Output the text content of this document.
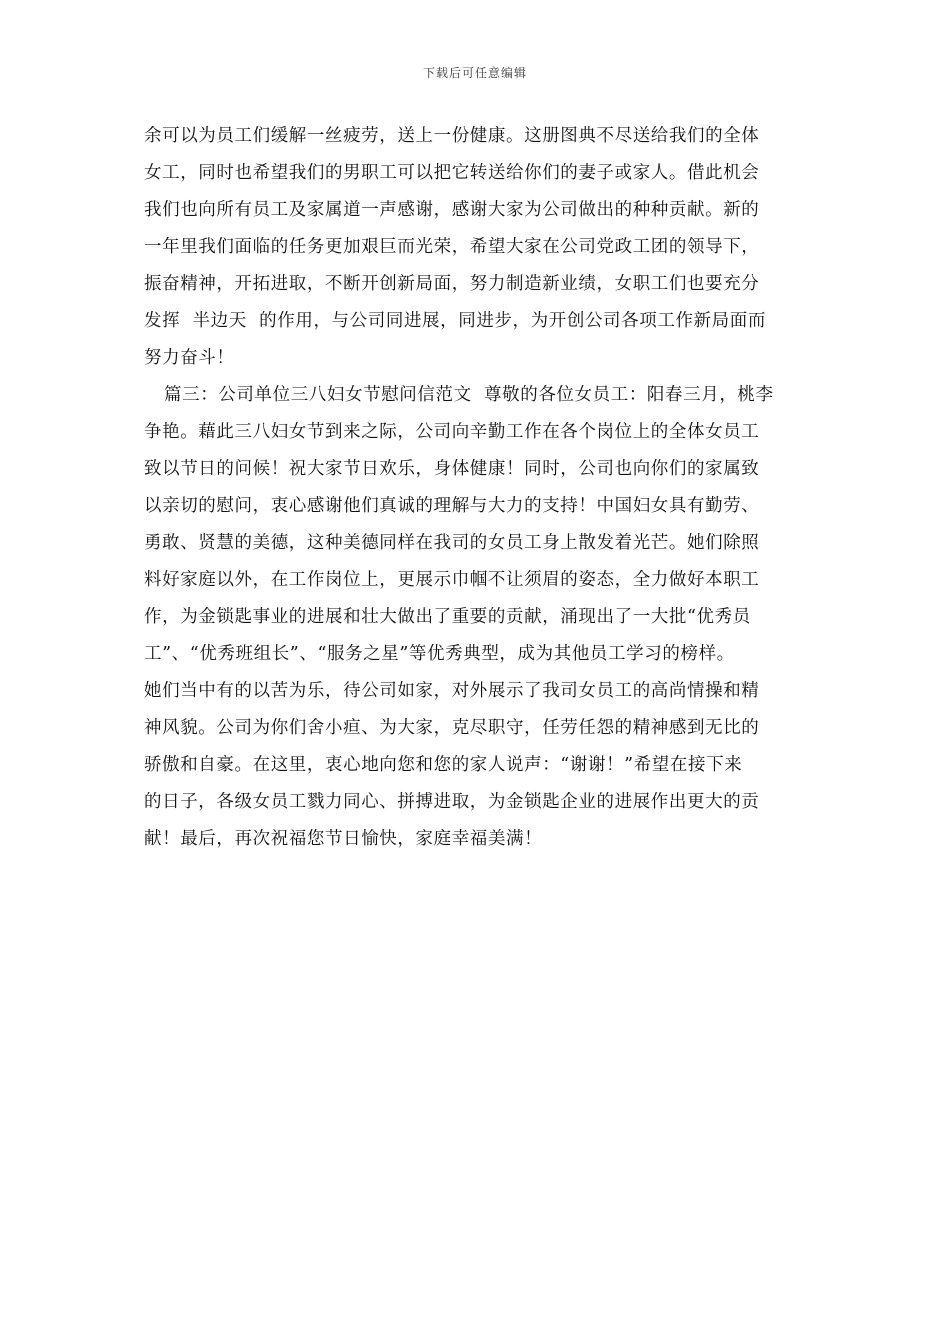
下载后可任意编辑
余可以为员工们缓解一丝疲劳，送上一份健康。这册图典不尽送给我们的全体
女工，同时也希望我们的男职工可以把它转送给你们的妻子或家人。借此机会
我们也向所有员工及家属道一声感谢，感谢大家为公司做出的种种贡献。新的
一年里我们面临的任务更加艰巨而光荣，希望大家在公司党政工团的领导下，
振奋精神，开拓进取，不断开创新局面，努力制造新业绩，女职工们也要充分
发挥  半边天  的作用，与公司同进展，同进步，为开创公司各项工作新局面而
努力奋斗！
篇三：公司单位三八妇女节慰问信范文  尊敬的各位女员工：阳春三月，桃李
争艳。藉此三八妇女节到来之际，公司向辛勤工作在各个岗位上的全体女员工
致以节日的问候！祝大家节日欢乐，身体健康！同时，公司也向你们的家属致
以亲切的慰问，衷心感谢他们真诚的理解与大力的支持！中国妇女具有勤劳、
勇敢、贤慧的美德，这种美德同样在我司的女员工身上散发着光芒。她们除照
料好家庭以外，在工作岗位上，更展示巾帼不让须眉的姿态，全力做好本职工
作，为金锁匙事业的进展和壮大做出了重要的贡献，涌现出了一大批“优秀员
工”、“优秀班组长”、“服务之星”等优秀典型，成为其他员工学习的榜样。
她们当中有的以苦为乐，待公司如家，对外展示了我司女员工的高尚情操和精
神风貌。公司为你们舍小疸、为大家，克尽职守，任劳任怨的精神感到无比的
骄傲和自豪。在这里，衷心地向您和您的家人说声：“谢谢！”希望在接下来
的日子，各级女员工戮力同心、拼搏进取，为金锁匙企业的进展作出更大的贡
献！最后，再次祝福您节日愉快，家庭幸福美满！
